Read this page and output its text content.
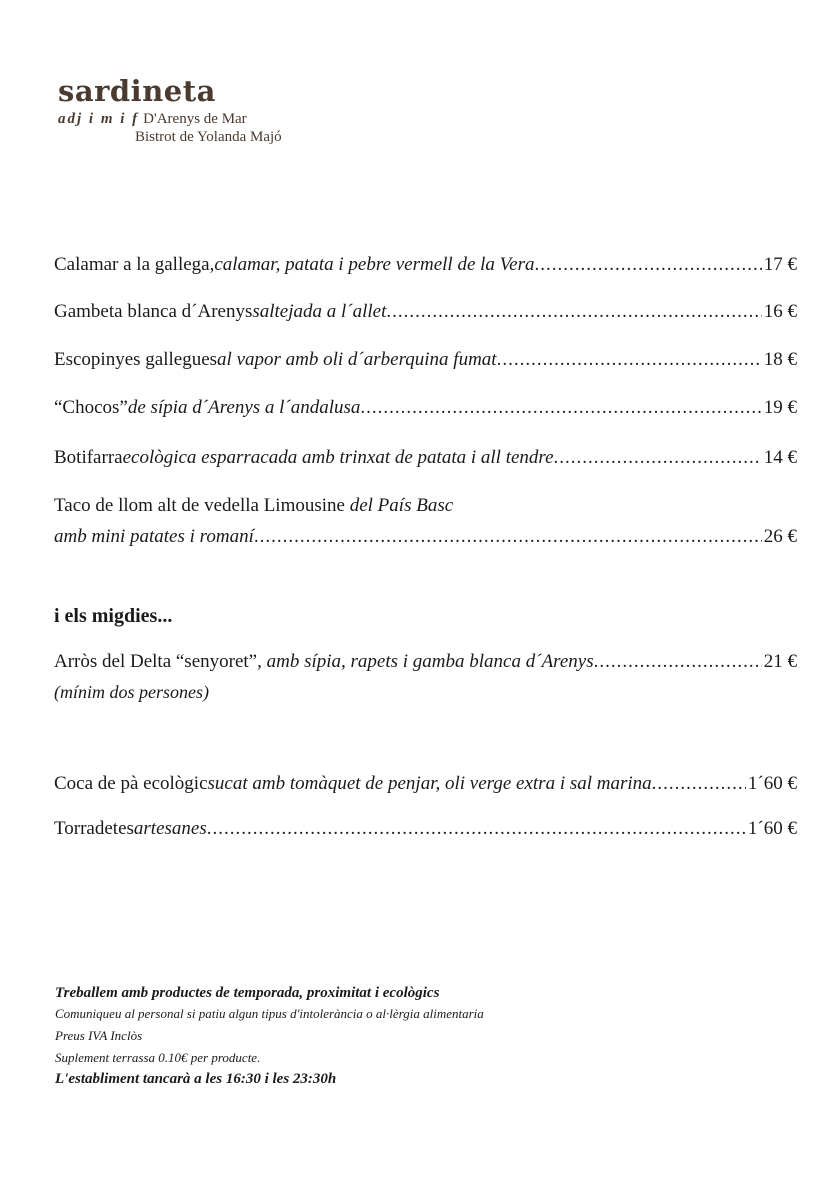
sardineta
adj i m i f D'Arenys de Mar
Bistrot de Yolanda Majó
Calamar a la gallega, calamar, patata i pebre vermell de la Vera .....	17 €
Gambeta blanca d´Arenys saltejada a l´allet .....	16 €
Escopinyes gallegues al vapor amb oli d´arberquina fumat .....	18 €
“Chocos” de sípia d´Arenys a l´andalusa .....	19 €
Botifarra ecològica esparracada amb trinxat de patata i all tendre .....	14 €
Taco de llom alt de vedella Limousine del País Basc
amb mini patates i romaní .....	26 €
i els migdies...
Arròs del Delta “senyoret” , amb sípia, rapets i gamba blanca d´Arenys .....	21 €
(mínim dos persones)
Coca de pà ecològic sucat amb tomàquet de penjar, oli verge extra i sal marina .....	1´60 €
Torradetes artesanes .....	1´60 €
Treballem amb productes de temporada, proximitat i ecològics
Comuniqueu al personal si patiu algun tipus d'intolerància o al·lèrgia alimentaria
Preus IVA Inclòs
Suplement terrassa 0.10€ per producte.
L'establiment tancarà a les 16:30 i les 23:30h
